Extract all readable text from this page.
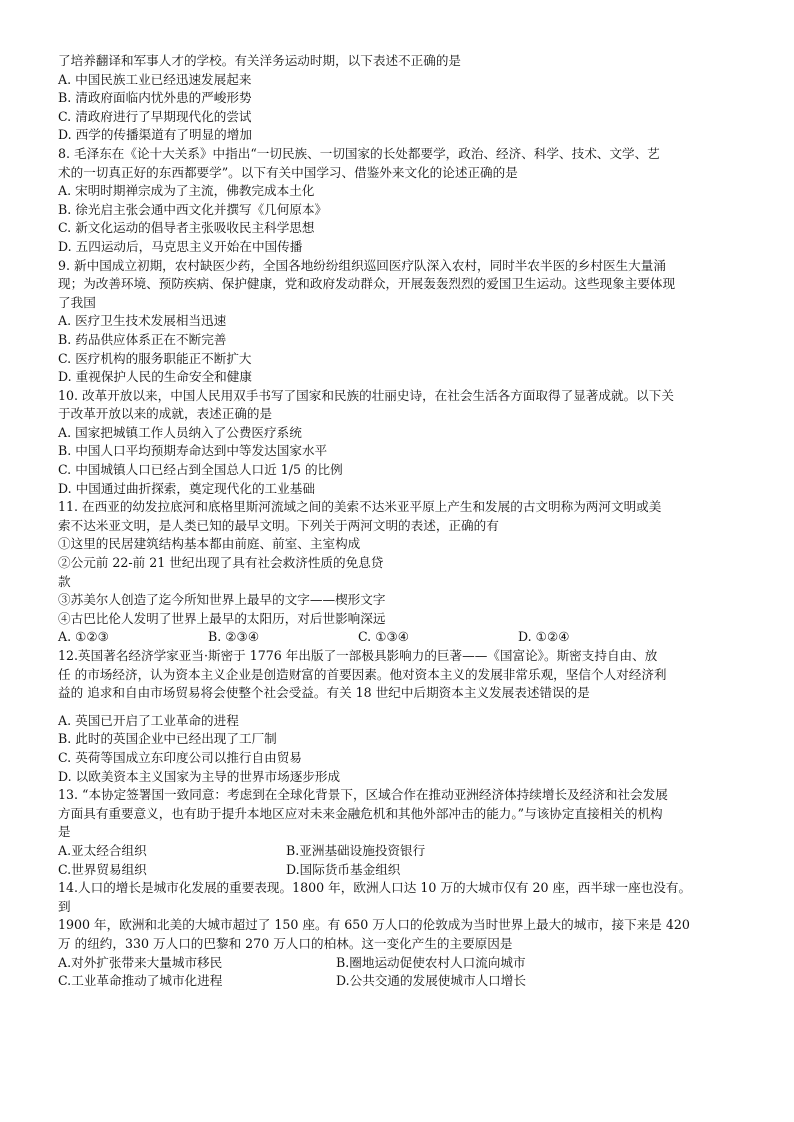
了培养翻译和军事人才的学校。有关洋务运动时期，以下表述不正确的是
A. 中国民族工业已经迅速发展起来
B. 清政府面临内忧外患的严峻形势
C. 清政府进行了早期现代化的尝试
D. 西学的传播渠道有了明显的增加
8. 毛泽东在《论十大关系》中指出“一切民族、一切国家的长处都要学，政治、经济、科学、技术、文学、艺
术的一切真正好的东西都要学”。以下有关中国学习、借鉴外来文化的论述正确的是
A. 宋明时期禅宗成为了主流，佛教完成本土化
B. 徐光启主张会通中西文化并撰写《几何原本》
C. 新文化运动的倡导者主张吸收民主科学思想
D. 五四运动后，马克思主义开始在中国传播
9. 新中国成立初期，农村缺医少药，全国各地纷纷组织巡回医疗队深入农村，同时半农半医的乡村医生大量涌
现；为改善环境、预防疾病、保护健康，党和政府发动群众，开展轰轰烈烈的爱国卫生运动。这些现象主要体现
了我国
A. 医疗卫生技术发展相当迅速
B. 药品供应体系正在不断完善
C. 医疗机构的服务职能正不断扩大
D. 重视保护人民的生命安全和健康
10. 改革开放以来，中国人民用双手书写了国家和民族的壮丽史诗，在社会生活各方面取得了显著成就。以下关
于改革开放以来的成就，表述正确的是
A. 国家把城镇工作人员纳入了公费医疗系统
B. 中国人口平均预期寿命达到中等发达国家水平
C. 中国城镇人口已经占到全国总人口近 1/5 的比例
D. 中国通过曲折探索，奠定现代化的工业基础
11. 在西亚的幼发拉底河和底格里斯河流域之间的美索不达米亚平原上产生和发展的古文明称为两河文明或美
索不达米亚文明，是人类已知的最早文明。下列关于两河文明的表述，正确的有
①这里的民居建筑结构基本都由前庭、前室、主室构成
②公元前 22-前 21 世纪出现了具有社会救济性质的免息贷
款
③苏美尔人创造了迄今所知世界上最早的文字——楔形文字
④古巴比伦人发明了世界上最早的太阳历，对后世影响深远
A. ①②③	B. ②③④	C. ①③④	D. ①②④
12.英国著名经济学家亚当·斯密于 1776 年出版了一部极具影响力的巨著——《国富论》。斯密支持自由、放
任 的市场经济，认为资本主义企业是创造财富的首要因素。他对资本主义的发展非常乐观，坚信个人对经济利
益的 追求和自由市场贸易将会使整个社会受益。有关 18 世纪中后期资本主义发展表述错误的是
A. 英国已开启了工业革命的进程
B. 此时的英国企业中已经出现了工厂制
C. 英荷等国成立东印度公司以推行自由贸易
D. 以欧美资本主义国家为主导的世界市场逐步形成
13. “本协定签署国一致同意：考虑到在全球化背景下，区域合作在推动亚洲经济体持续增长及经济和社会发展
方面具有重要意义，也有助于提升本地区应对未来金融危机和其他外部冲击的能力。”与该协定直接相关的机构
是
A.亚太经合组织	B.亚洲基础设施投资银行
C.世界贸易组织	D.国际货币基金组织
14.人口的增长是城市化发展的重要表现。1800 年，欧洲人口达 10 万的大城市仅有 20 座，西半球一座也没有。
到
1900 年，欧洲和北美的大城市超过了 150 座。有 650 万人口的伦敦成为当时世界上最大的城市，接下来是 420
万 的纽约，330 万人口的巴黎和 270 万人口的柏林。这一变化产生的主要原因是
A.对外扩张带来大量城市移民	B.圈地运动促使农村人口流向城市
C.工业革命推动了城市化进程	D.公共交通的发展使城市人口增长
